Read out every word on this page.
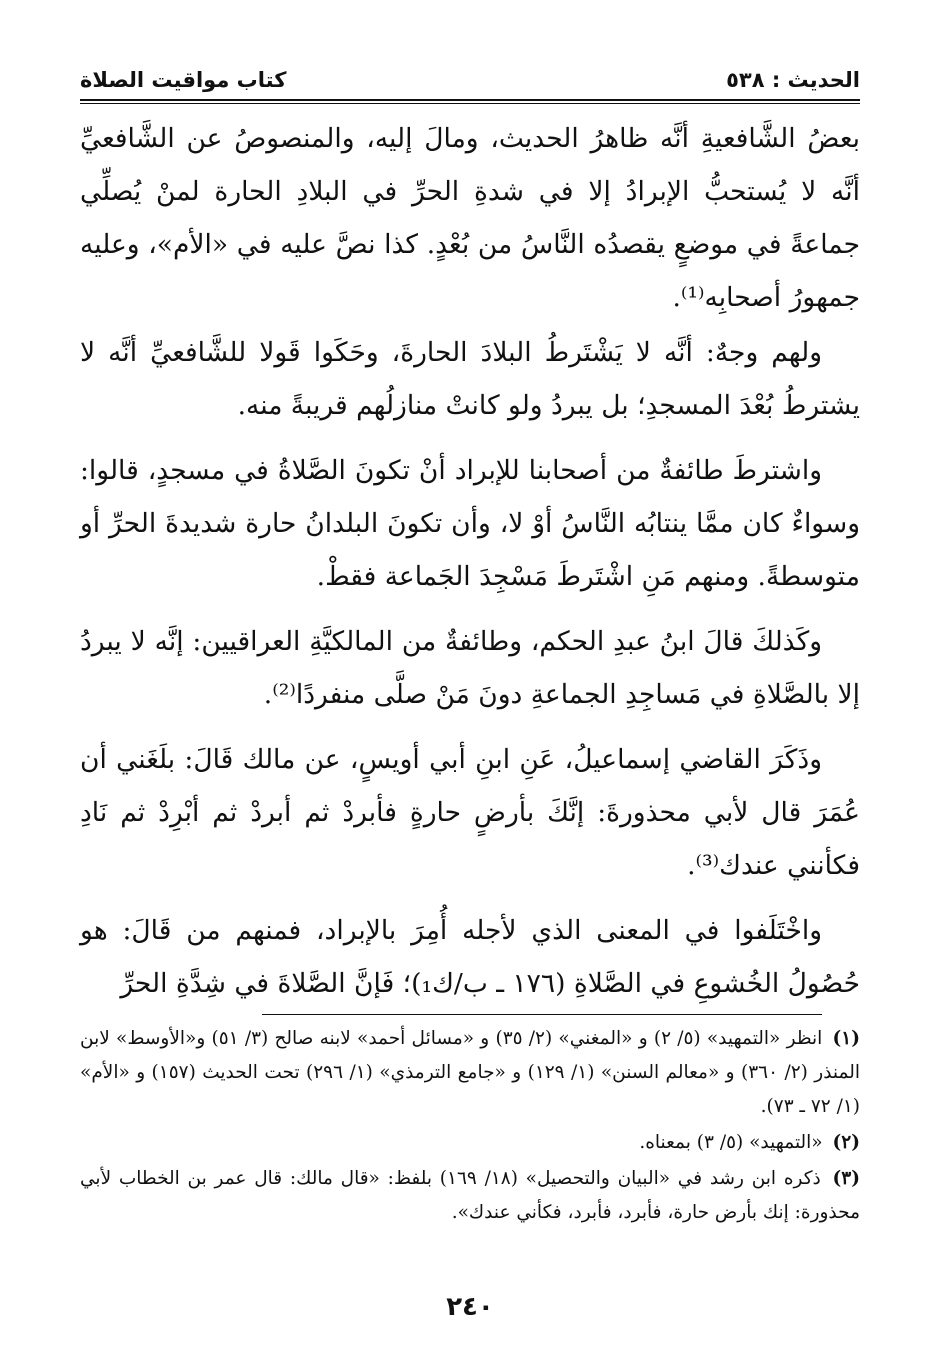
الحديث : ٥٣٨
كتاب مواقيت الصلاة

بعضُ الشَّافعيةِ أنَّه ظاهرُ الحديث، ومالَ إليه، والمنصوصُ عن الشَّافعيِّ أنَّه لا يُستحبُّ الإبرادُ إلا في شدةِ الحرِّ في البلادِ الحارة لمنْ يُصلِّي جماعةً في موضعٍ يقصدُه النَّاسُ من بُعْدٍ. كذا نصَّ عليه في «الأم»، وعليه جمهورُ أصحابِه⁽¹⁾.

ولهم وجهٌ: أنَّه لا يَشْتَرطُ البلادَ الحارةَ، وحَكَوا قَولا للشَّافعيِّ أنَّه لا يشترطُ بُعْدَ المسجدِ؛ بل يبردُ ولو كانتْ منازلُهم قريبةً منه.

واشترطَ طائفةٌ من أصحابنا للإبراد أنْ تكونَ الصَّلاةُ في مسجدٍ، قالوا: وسواءٌ كان ممَّا ينتابُه النَّاسُ أوْ لا، وأن تكونَ البلدانُ حارة شديدةَ الحرِّ أو متوسطةً. ومنهم مَنِ اشْتَرطَ مَسْجِدَ الجَماعة فقطْ.

وكَذلكَ قالَ ابنُ عبدِ الحكم، وطائفةٌ من المالكيَّةِ العراقيين: إنَّه لا يبردُ إلا بالصَّلاةِ في مَساجِدِ الجماعةِ دونَ مَنْ صلَّى منفردًا⁽²⁾.

وذَكَرَ القاضي إسماعيلُ، عَنِ ابنِ أبي أويسٍ، عن مالك قَالَ: بلَغَني أن عُمَرَ قال لأبي محذورةَ: إنَّكَ بأرضٍ حارةٍ فأبردْ ثم أبردْ ثم أبْرِدْ ثم نَادِ فكأنني عندك⁽³⁾.

واخْتَلَفوا في المعنى الذي لأجله أُمِرَ بالإبراد، فمنهم من قَالَ: هو حُصُولُ الخُشوعِ في الصَّلاةِ (١٧٦ ـ ب/ك₁)؛ فَإنَّ الصَّلاةَ في شِدَّةِ الحرِّ

(١) انظر «التمهيد» (٥/ ٢) و «المغني» (٢/ ٣٥) و «مسائل أحمد» لابنه صالح (٣/ ٥١) و«الأوسط» لابن المنذر (٢/ ٣٦٠) و «معالم السنن» (١/ ١٢٩) و «جامع الترمذي» (١/ ٢٩٦) تحت الحديث (١٥٧) و «الأم» (١/ ٧٢ ـ ٧٣).

(٢) «التمهيد» (٥/ ٣) بمعناه.

(٣) ذكره ابن رشد في «البيان والتحصيل» (١٨/ ١٦٩) بلفظ: «قال مالك: قال عمر بن الخطاب لأبي محذورة: إنك بأرض حارة، فأبرد، فأبرد، فكأني عندك».

٢٤٠
